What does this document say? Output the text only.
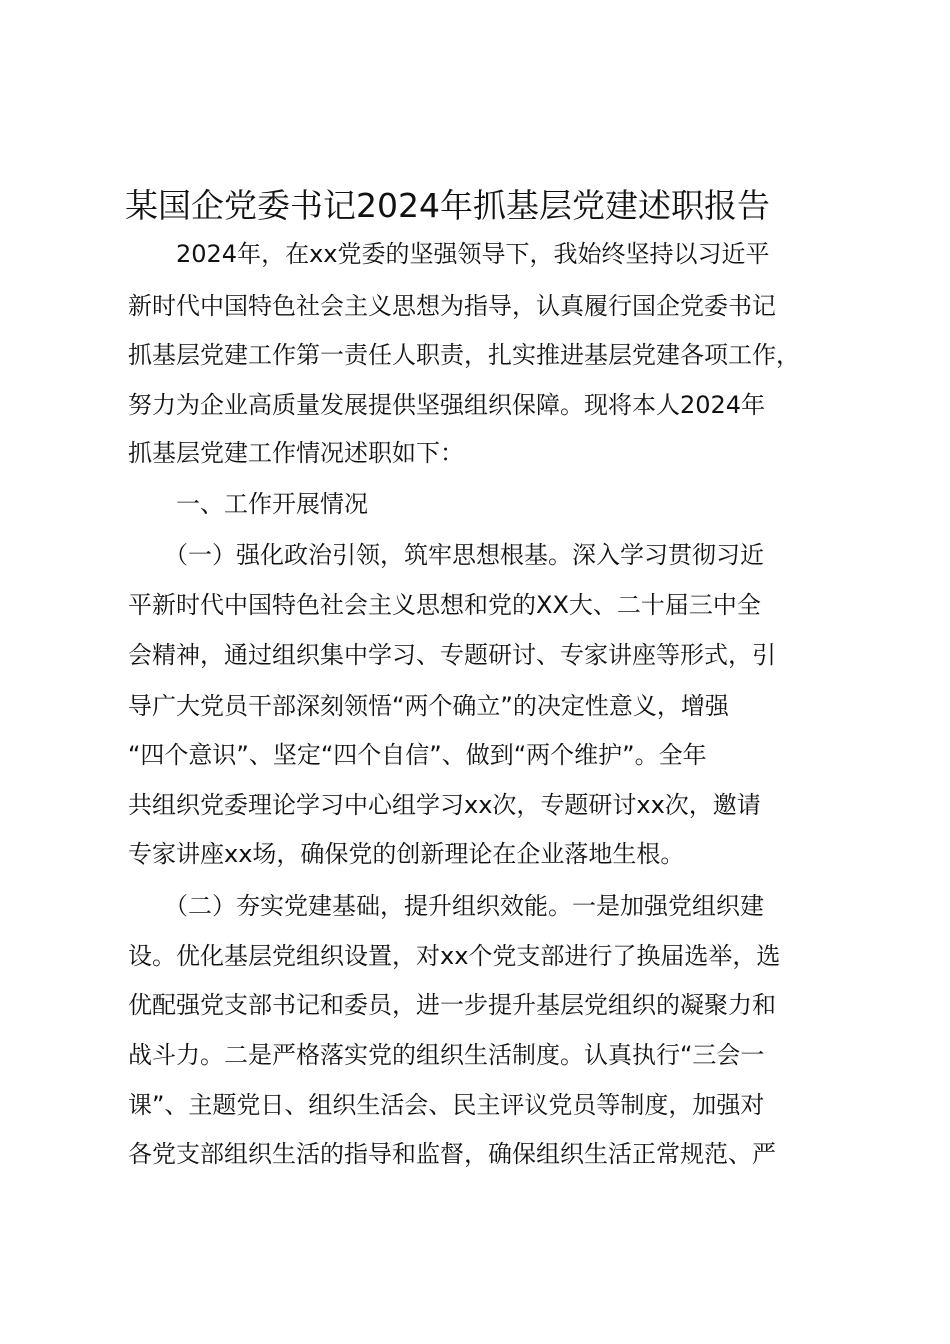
某国企党委书记2024年抓基层党建述职报告
　　2024年，在xx党委的坚强领导下，我始终坚持以习近平
新时代中国特色社会主义思想为指导，认真履行国企党委书记
抓基层党建工作第一责任人职责，扎实推进基层党建各项工作，
努力为企业高质量发展提供坚强组织保障。现将本人2024年
抓基层党建工作情况述职如下：
　　一、工作开展情况
　　（一）强化政治引领，筑牢思想根基。深入学习贯彻习近
平新时代中国特色社会主义思想和党的XX大、二十届三中全
会精神，通过组织集中学习、专题研讨、专家讲座等形式，引
导广大党员干部深刻领悟“两个确立”的决定性意义，增强
“四个意识”、坚定“四个自信”、做到“两个维护”。全年
共组织党委理论学习中心组学习xx次，专题研讨xx次，邀请
专家讲座xx场，确保党的创新理论在企业落地生根。
　　（二）夯实党建基础，提升组织效能。一是加强党组织建
设。优化基层党组织设置，对xx个党支部进行了换届选举，选
优配强党支部书记和委员，进一步提升基层党组织的凝聚力和
战斗力。二是严格落实党的组织生活制度。认真执行“三会一
课”、主题党日、组织生活会、民主评议党员等制度，加强对
各党支部组织生活的指导和监督，确保组织生活正常规范、严
